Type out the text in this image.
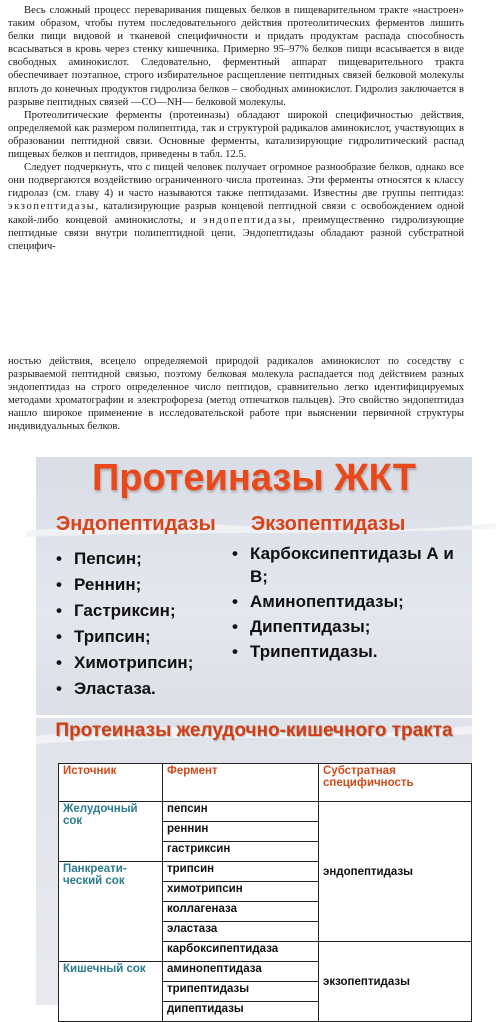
Весь сложный процесс переваривания пищевых белков в пищеварительном тракте «настроен» таким образом, чтобы путем последовательного действия протеолитических ферментов лишить белки пищи видовой и тканевой специфичности и придать продуктам распада способность всасываться в кровь через стенку кишечника. Примерно 95–97% белков пищи всасывается в виде свободных аминокислот. Следовательно, ферментный аппарат пищеварительного тракта обеспечивает поэтапное, строго избирательное расщепление пептидных связей белковой молекулы вплоть до конечных продуктов гидролиза белков – свободных аминокислот. Гидролиз заключается в разрыве пептидных связей —CO—NH— белковой молекулы.

Протеолитические ферменты (протеиназы) обладают широкой специфичностью действия, определяемой как размером полипептида, так и структурой радикалов аминокислот, участвующих в образовании пептидной связи. Основные ферменты, катализирующие гидролитический распад пищевых белков и пептидов, приведены в табл. 12.5.

Следует подчеркнуть, что с пищей человек получает огромное разнообразие белков, однако все они подвергаются воздействию ограниченного числа протеиназ. Эти ферменты относятся к классу гидролаз (см. главу 4) и часто называются также пептидазами. Известны две группы пептидаз: экзопептидазы, катализирующие разрыв концевой пептидной связи с освобождением одной какой-либо концевой аминокислоты, и эндопептидазы, преимущественно гидролизующие пептидные связи внутри полипептидной цепи. Эндопептидазы обладают разной субстратной специфич-

ностью действия, всецело определяемой природой радикалов аминокислот по соседству с разрываемой пептидной связью, поэтому белковая молекула распадается под действием разных эндопептидаз на строго определенное число пептидов, сравнительно легко идентифицируемых методами хроматографии и электрофореза (метод отпечатков пальцев). Это свойство эндопептидаз нашло широкое применение в исследовательской работе при выяснении первичной структуры индивидуальных белков.

Протеиназы ЖКТ
Эндопептидазы Экзопептидазы
• Пепсин;
• Реннин;
• Гастриксин;
• Трипсин;
• Химотрипсин;
• Эластаза.
• Карбоксипептидазы А и В;
• Аминопептидазы;
• Дипептидазы;
• Трипептидазы.
Протеиназы желудочно-кишечного тракта
Источник	Фермент	Субстратная специфичность
Желудочный сок	пепсин	эндопептидазы
	реннин	
	гастриксин	
Панкреати-ческий сок	трипсин	
	химотрипсин	
	коллагеназа	
	эластаза	
	карбоксипептидаза	экзопептидазы
Кишечный сок	аминопептидаза	
	трипептидазы	
	дипептидазы	
